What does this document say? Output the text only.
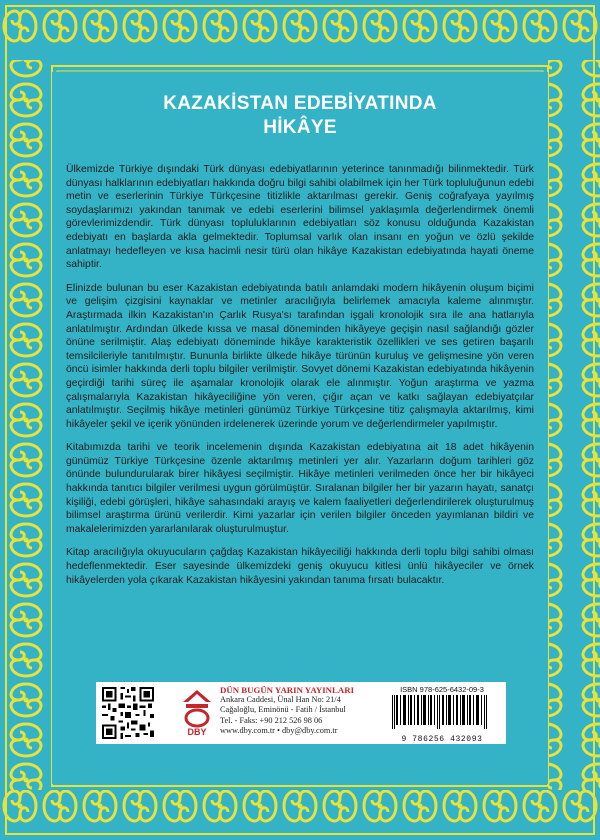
KAZAKİSTAN EDEBİYATINDA
HİKÂYE

Ülkemizde Türkiye dışındaki Türk dünyası edebiyatlarının yeterince tanınmadığı bilinmektedir. Türk dünyası halklarının edebiyatları hakkında doğru bilgi sahibi olabilmek için her Türk topluluğunun edebi metin ve eserlerinin Türkiye Türkçesine titizlikle aktarılması gerekir. Geniş coğrafyaya yayılmış soydaşlarımızı yakından tanımak ve edebi eserlerini bilimsel yaklaşımla değerlendirmek önemli görevlerimizdendir. Türk dünyası topluluklarının edebiyatları söz konusu olduğunda Kazakistan edebiyatı en başlarda akla gelmektedir. Toplumsal varlık olan insanı en yoğun ve özlü şekilde anlatmayı hedefleyen ve kısa hacimli nesir türü olan hikâye Kazakistan edebiyatında hayati öneme sahiptir.

Elinizde bulunan bu eser Kazakistan edebiyatında batılı anlamdaki modern hikâyenin oluşum biçimi ve gelişim çizgisini kaynaklar ve metinler aracılığıyla belirlemek amacıyla kaleme alınmıştır. Araştırmada ilkin Kazakistan'ın Çarlık Rusya'sı tarafından işgali kronolojik sıra ile ana hatlarıyla anlatılmıştır. Ardından ülkede kıssa ve masal döneminden hikâyeye geçişin nasıl sağlandığı gözler önüne serilmiştir. Alaş edebiyatı döneminde hikâye karakteristik özellikleri ve ses getiren başarılı temsilcileriyle tanıtılmıştır. Bununla birlikte ülkede hikâye türünün kuruluş ve gelişmesine yön veren öncü isimler hakkında derli toplu bilgiler verilmiştir. Sovyet dönemi Kazakistan edebiyatında hikâyenin geçirdiği tarihi süreç ile aşamalar kronolojik olarak ele alınmıştır. Yoğun araştırma ve yazma çalışmalarıyla Kazakistan hikâyeciliğine yön veren, çığır açan ve katkı sağlayan edebiyatçılar anlatılmıştır. Seçilmiş hikâye metinleri günümüz Türkiye Türkçesine titiz çalışmayla aktarılmış, kimi hikâyeler şekil ve içerik yönünden irdelenerek üzerinde yorum ve değerlendirmeler yapılmıştır.

Kitabımızda tarihi ve teorik incelemenin dışında Kazakistan edebiyatına ait 18 adet hikâyenin günümüz Türkiye Türkçesine özenle aktarılmış metinleri yer alır. Yazarların doğum tarihleri göz önünde bulundurularak birer hikâyesi seçilmiştir. Hikâye metinleri verilmeden önce her bir hikâyeci hakkında tanıtıcı bilgiler verilmesi uygun görülmüştür. Sıralanan bilgiler her bir yazarın hayatı, sanatçı kişiliği, edebi görüşleri, hikâye sahasındaki arayış ve kalem faaliyetleri değerlendirilerek oluşturulmuş bilimsel araştırma ürünü verilerdir. Kimi yazarlar için verilen bilgiler önceden yayımlanan bildiri ve makalelerimizden yararlanılarak oluşturulmuştur.

Kitap aracılığıyla okuyucuların çağdaş Kazakistan hikâyeciliği hakkında derli toplu bilgi sahibi olması hedeflenmektedir. Eser sayesinde ülkemizdeki geniş okuyucu kitlesi ünlü hikâyeciler ve örnek hikâyelerden yola çıkarak Kazakistan hikâyesini yakından tanıma fırsatı bulacaktır.

DBY
DÜN BUGÜN YARIN YAYINLARI
Ankara Caddesi, Ünal Han No: 21/4
Cağaloğlu, Eminönü - Fatih / İstanbul
Tel. - Faks: +90 212 526 98 06
www.dby.com.tr • dby@dby.com.tr
ISBN 978-625-6432-09-3
9 786256 432093
